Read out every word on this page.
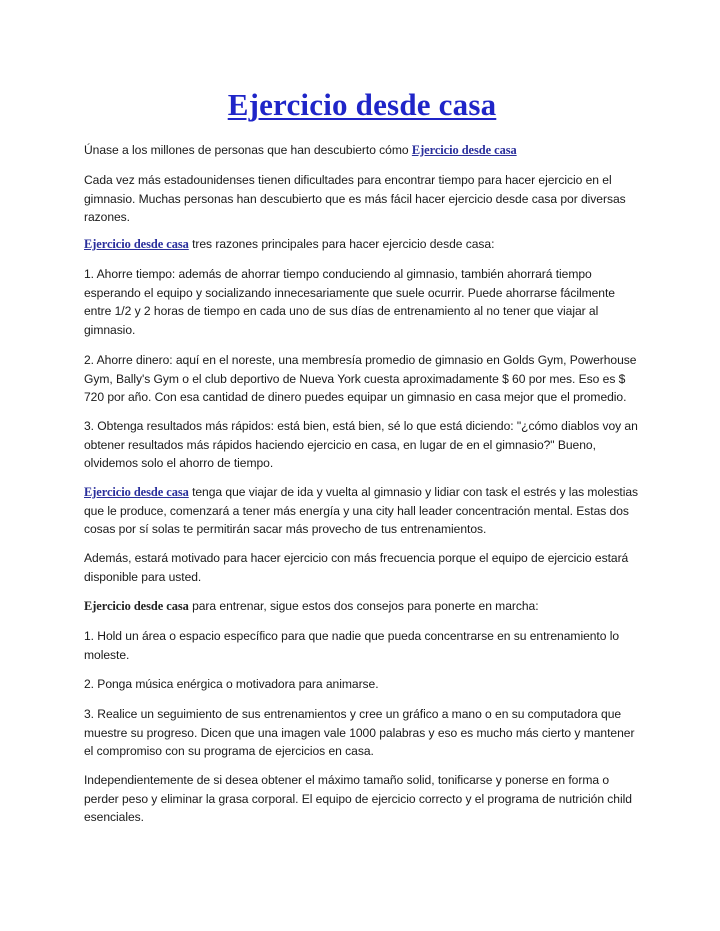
Ejercicio desde casa

Únase a los millones de personas que han descubierto cómo Ejercicio desde casa

Cada vez más estadounidenses tienen dificultades para encontrar tiempo para hacer ejercicio en el gimnasio. Muchas personas han descubierto que es más fácil hacer ejercicio desde casa por diversas razones.

Ejercicio desde casa tres razones principales para hacer ejercicio desde casa:

1. Ahorre tiempo: además de ahorrar tiempo conduciendo al gimnasio, también ahorrará tiempo esperando el equipo y socializando innecesariamente que suele ocurrir. Puede ahorrarse fácilmente entre 1/2 y 2 horas de tiempo en cada uno de sus días de entrenamiento al no tener que viajar al gimnasio.

2. Ahorre dinero: aquí en el noreste, una membresía promedio de gimnasio en Golds Gym, Powerhouse Gym, Bally's Gym o el club deportivo de Nueva York cuesta aproximadamente $ 60 por mes. Eso es $ 720 por año. Con esa cantidad de dinero puedes equipar un gimnasio en casa mejor que el promedio.

3. Obtenga resultados más rápidos: está bien, está bien, sé lo que está diciendo: "¿cómo diablos voy an obtener resultados más rápidos haciendo ejercicio en casa, en lugar de en el gimnasio?" Bueno, olvidemos solo el ahorro de tiempo.

Ejercicio desde casa tenga que viajar de ida y vuelta al gimnasio y lidiar con task el estrés y las molestias que le produce, comenzará a tener más energía y una city hall leader concentración mental. Estas dos cosas por sí solas te permitirán sacar más provecho de tus entrenamientos.

Además, estará motivado para hacer ejercicio con más frecuencia porque el equipo de ejercicio estará disponible para usted.

Ejercicio desde casa para entrenar, sigue estos dos consejos para ponerte en marcha:

1. Hold un área o espacio específico para que nadie que pueda concentrarse en su entrenamiento lo moleste.

2. Ponga música enérgica o motivadora para animarse.

3. Realice un seguimiento de sus entrenamientos y cree un gráfico a mano o en su computadora que muestre su progreso. Dicen que una imagen vale 1000 palabras y eso es mucho más cierto y mantener el compromiso con su programa de ejercicios en casa.

Independientemente de si desea obtener el máximo tamaño solid, tonificarse y ponerse en forma o perder peso y eliminar la grasa corporal. El equipo de ejercicio correcto y el programa de nutrición child esenciales.
